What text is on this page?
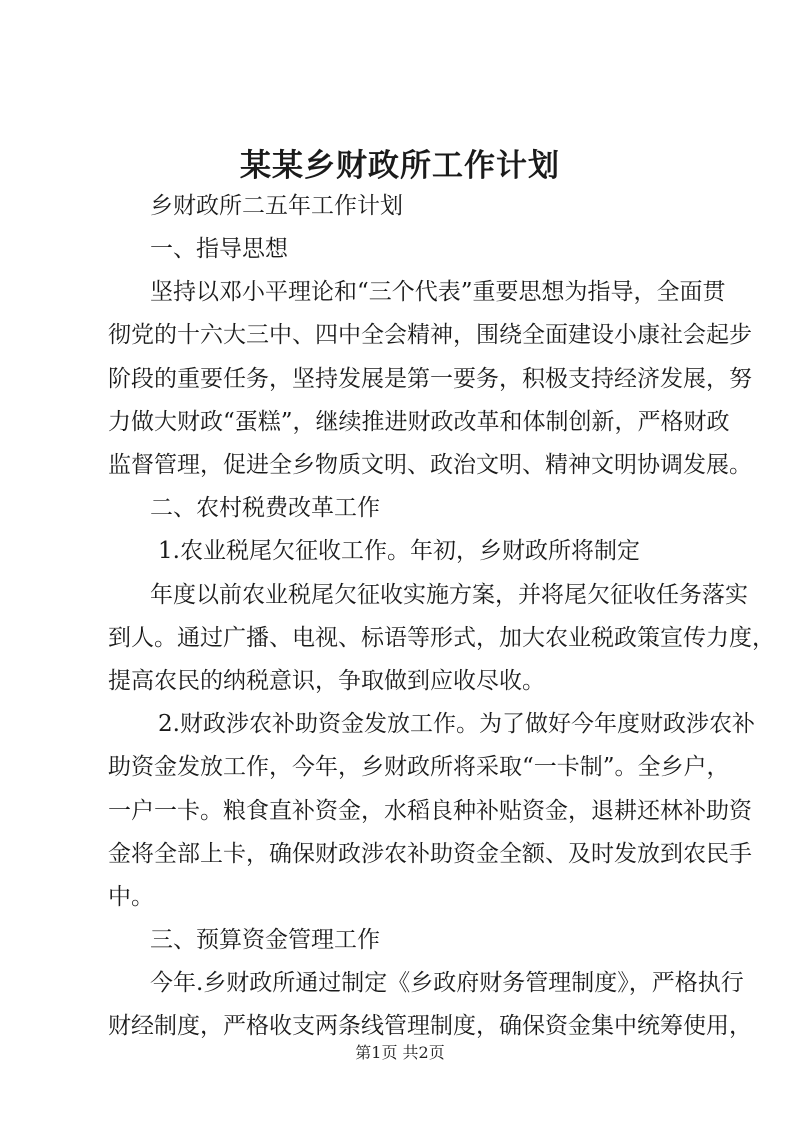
某某乡财政所工作计划
乡财政所二五年工作计划
一、指导思想
坚持以邓小平理论和“三个代表”重要思想为指导，全面贯
彻党的十六大三中、四中全会精神，围绕全面建设小康社会起步
阶段的重要任务，坚持发展是第一要务，积极支持经济发展，努
力做大财政“蛋糕”，继续推进财政改革和体制创新，严格财政
监督管理，促进全乡物质文明、政治文明、精神文明协调发展。
二、农村税费改革工作
1.农业税尾欠征收工作。年初，乡财政所将制定
年度以前农业税尾欠征收实施方案，并将尾欠征收任务落实
到人。通过广播、电视、标语等形式，加大农业税政策宣传力度，
提高农民的纳税意识，争取做到应收尽收。
2.财政涉农补助资金发放工作。为了做好今年度财政涉农补
助资金发放工作，今年，乡财政所将采取“一卡制”。全乡户，
一户一卡。粮食直补资金，水稻良种补贴资金，退耕还林补助资
金将全部上卡，确保财政涉农补助资金全额、及时发放到农民手
中。
三、预算资金管理工作
今年.乡财政所通过制定《乡政府财务管理制度》，严格执行
财经制度，严格收支两条线管理制度，确保资金集中统筹使用，
第1页 共2页
